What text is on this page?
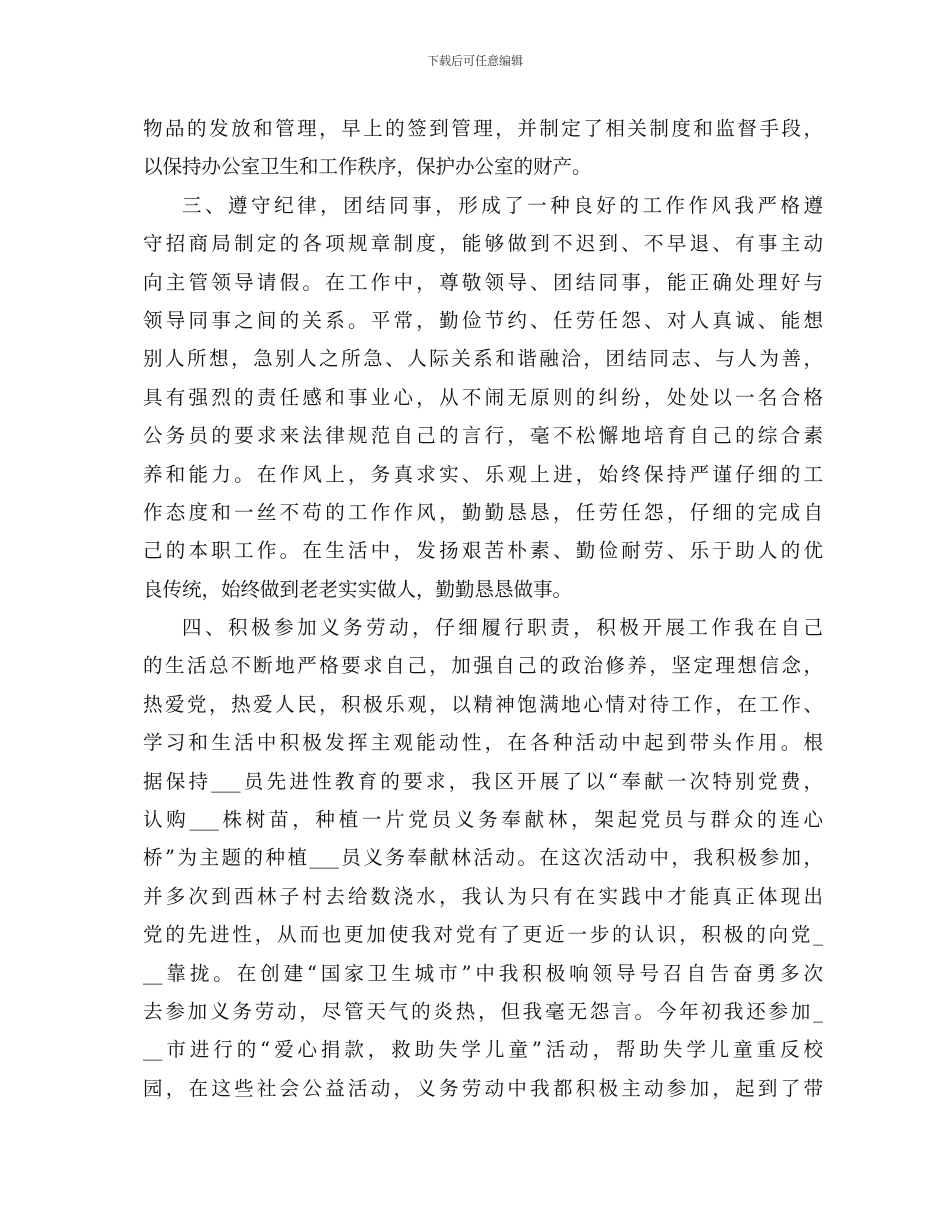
下载后可任意编辑
物品的发放和管理，早上的签到管理，并制定了相关制度和监督手段，
以保持办公室卫生和工作秩序，保护办公室的财产。
三、遵守纪律，团结同事，形成了一种良好的工作作风我严格遵
守招商局制定的各项规章制度，能够做到不迟到、不早退、有事主动
向主管领导请假。在工作中，尊敬领导、团结同事，能正确处理好与
领导同事之间的关系。平常，勤俭节约、任劳任怨、对人真诚、能想
别人所想，急别人之所急、人际关系和谐融洽，团结同志、与人为善，
具有强烈的责任感和事业心，从不闹无原则的纠纷，处处以一名合格
公务员的要求来法律规范自己的言行，毫不松懈地培育自己的综合素
养和能力。在作风上，务真求实、乐观上进，始终保持严谨仔细的工
作态度和一丝不苟的工作作风，勤勤恳恳，任劳任怨，仔细的完成自
己的本职工作。在生活中，发扬艰苦朴素、勤俭耐劳、乐于助人的优
良传统，始终做到老老实实做人，勤勤恳恳做事。
四、积极参加义务劳动，仔细履行职责，积极开展工作我在自己
的生活总不断地严格要求自己，加强自己的政治修养，坚定理想信念，
热爱党，热爱人民，积极乐观，以精神饱满地心情对待工作，在工作、
学习和生活中积极发挥主观能动性，在各种活动中起到带头作用。根
据保持___员先进性教育的要求，我区开展了以“奉献一次特别党费，
认购___株树苗，种植一片党员义务奉献林，架起党员与群众的连心
桥”为主题的种植___员义务奉献林活动。在这次活动中，我积极参加，
并多次到西林子村去给数浇水，我认为只有在实践中才能真正体现出
党的先进性，从而也更加使我对党有了更近一步的认识，积极的向党_
__靠拢。在创建“国家卫生城市”中我积极响领导号召自告奋勇多次
去参加义务劳动，尽管天气的炎热，但我毫无怨言。今年初我还参加_
__市进行的“爱心捐款，救助失学儿童”活动，帮助失学儿童重反校
园，在这些社会公益活动，义务劳动中我都积极主动参加，起到了带
